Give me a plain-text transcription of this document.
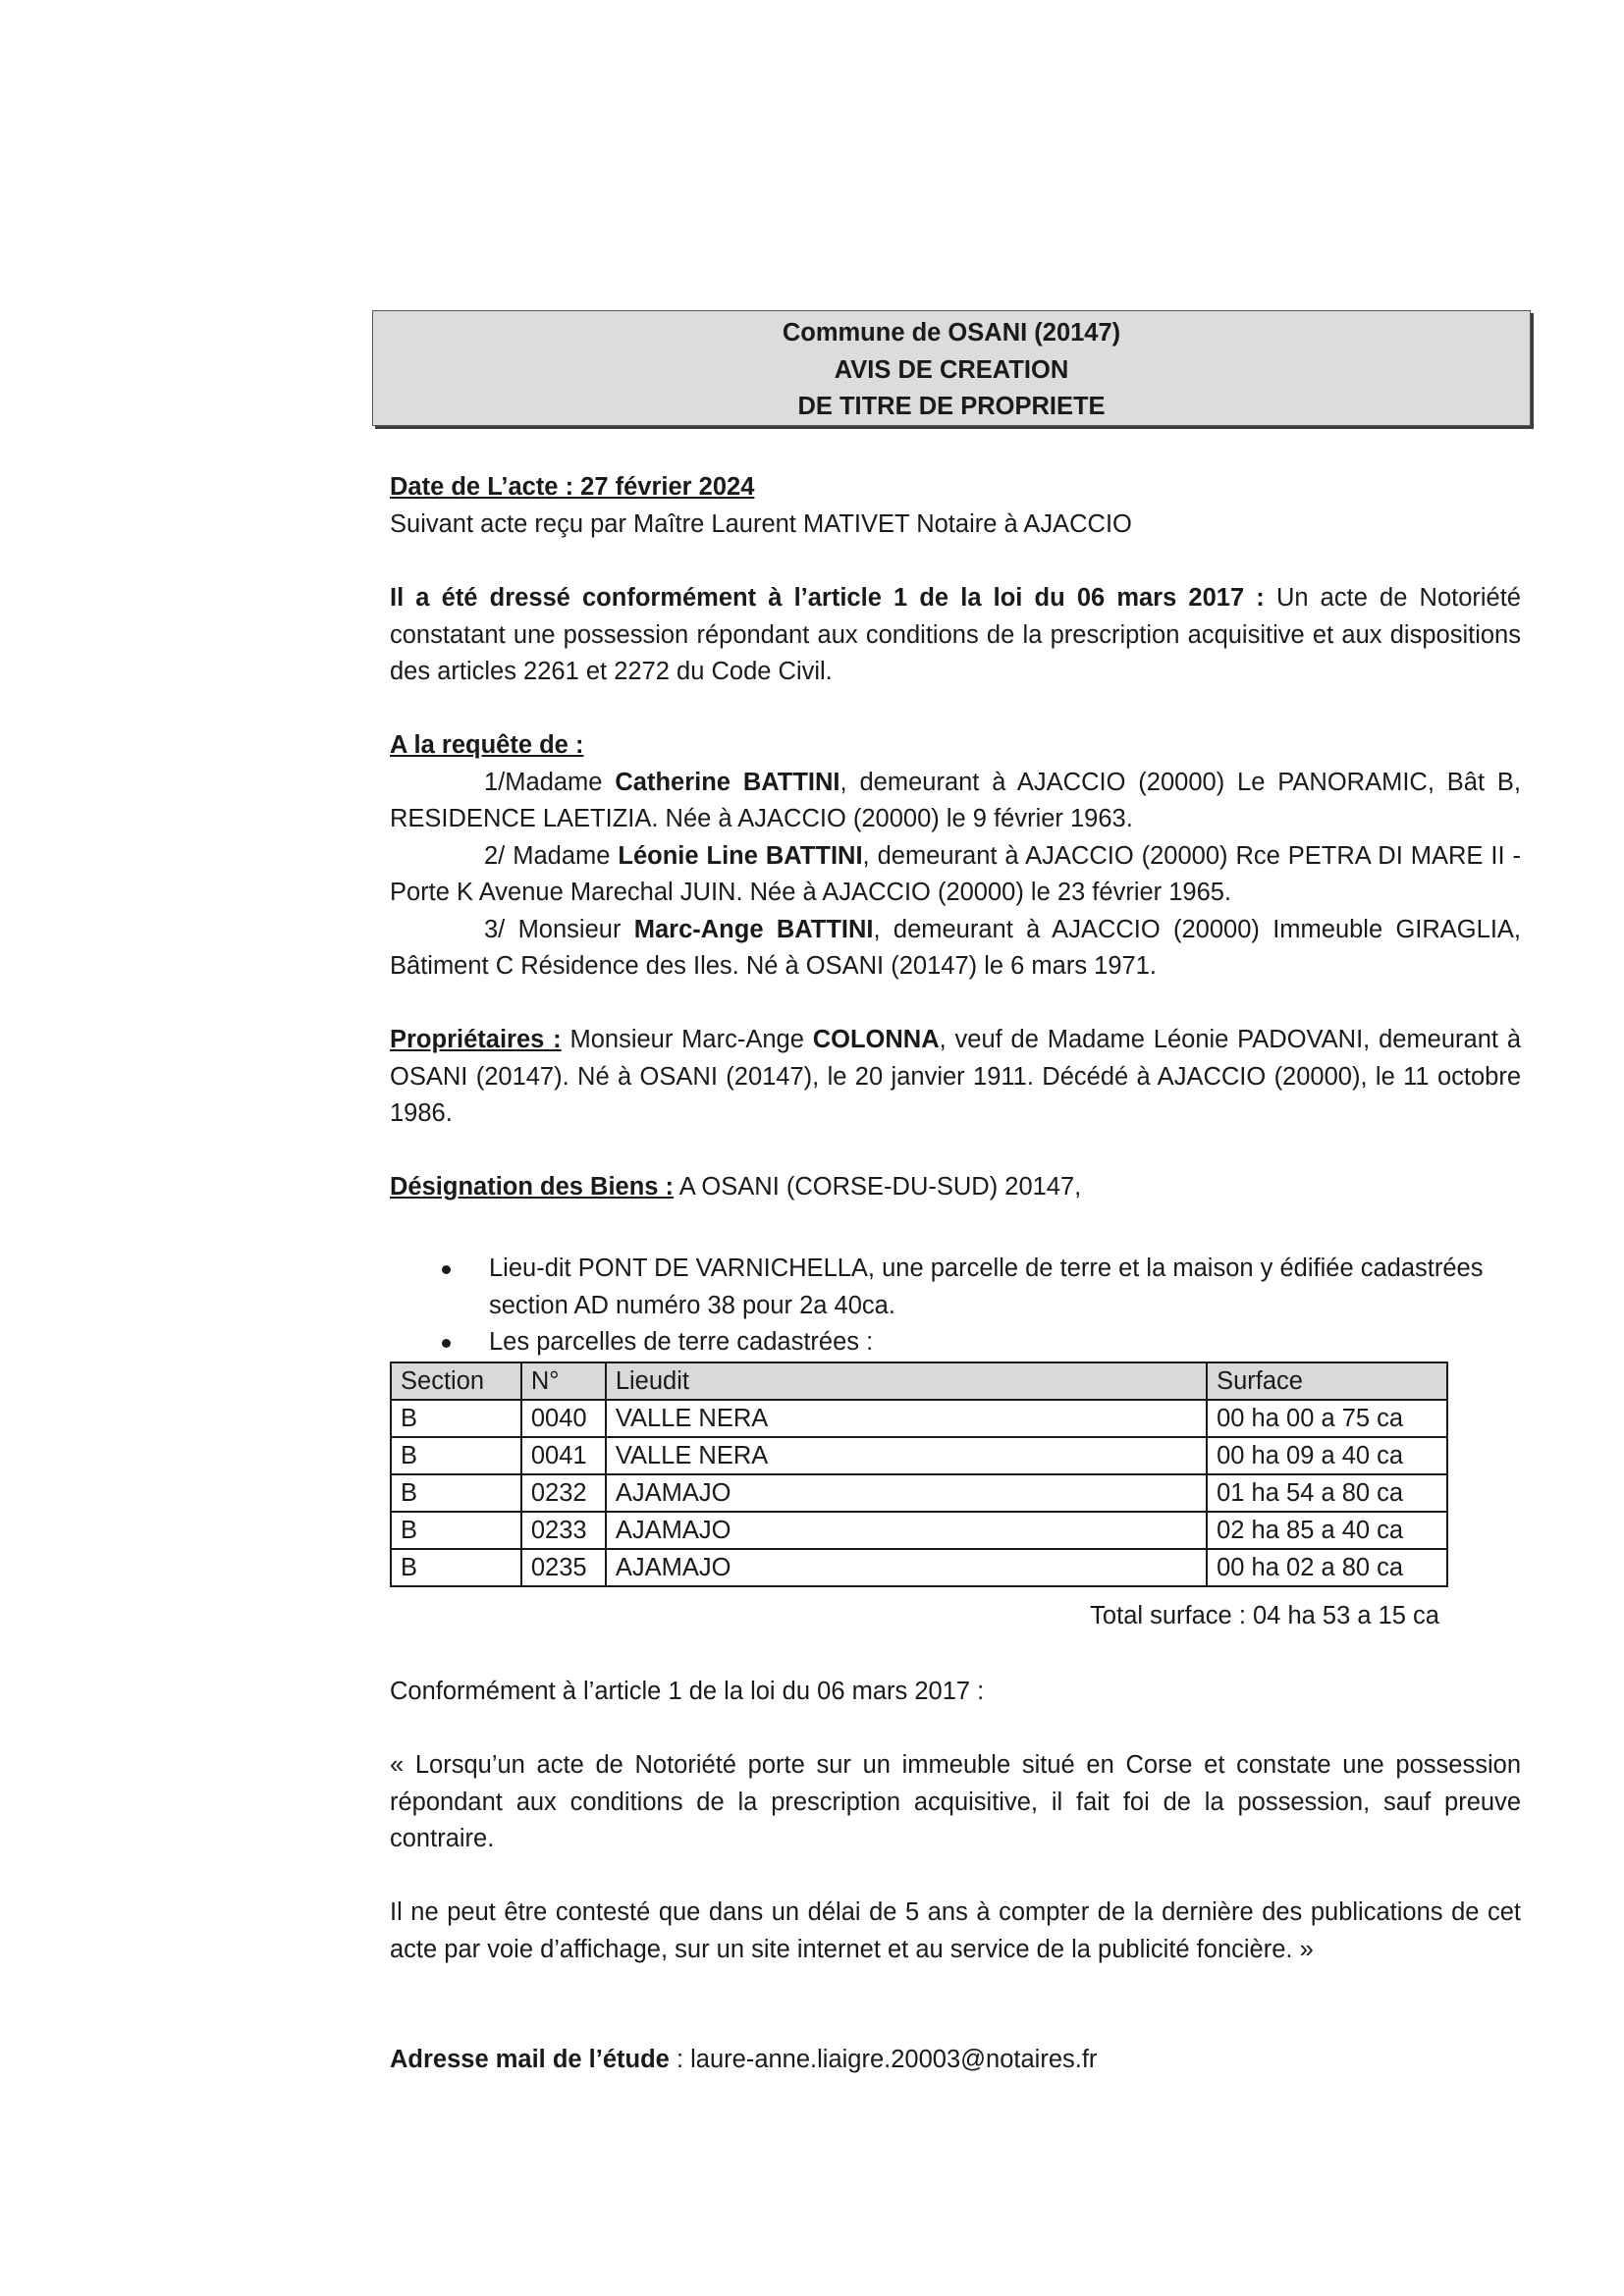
Commune de OSANI (20147)
AVIS DE CREATION
DE TITRE DE PROPRIETE

Date de L’acte : 27 février 2024

Suivant acte reçu par Maître Laurent MATIVET Notaire à AJACCIO

Il a été dressé conformément à l’article 1 de la loi du 06 mars 2017 : Un acte de Notoriété constatant une possession répondant aux conditions de la prescription acquisitive et aux dispositions des articles 2261 et 2272 du Code Civil.

A la requête de :

1/Madame Catherine BATTINI, demeurant à AJACCIO (20000) Le PANORAMIC, Bât B, RESIDENCE LAETIZIA. Née à AJACCIO (20000) le 9 février 1963.

2/ Madame Léonie Line BATTINI, demeurant à AJACCIO (20000) Rce PETRA DI MARE II - Porte K Avenue Marechal JUIN. Née à AJACCIO (20000) le 23 février 1965.

3/ Monsieur Marc-Ange BATTINI, demeurant à AJACCIO (20000) Immeuble GIRAGLIA, Bâtiment C Résidence des Iles. Né à OSANI (20147) le 6 mars 1971.

Propriétaires : Monsieur Marc-Ange COLONNA, veuf de Madame Léonie PADOVANI, demeurant à OSANI (20147). Né à OSANI (20147), le 20 janvier 1911. Décédé à AJACCIO (20000), le 11 octobre 1986.

Désignation des Biens : A OSANI (CORSE-DU-SUD) 20147,

Lieu-dit PONT DE VARNICHELLA, une parcelle de terre et la maison y édifiée cadastrées section AD numéro 38 pour 2a 40ca.
Les parcelles de terre cadastrées :
Section	N°	Lieudit	Surface
B	0040	VALLE NERA	00 ha 00 a 75 ca
B	0041	VALLE NERA	00 ha 09 a 40 ca
B	0232	AJAMAJO	01 ha 54 a 80 ca
B	0233	AJAMAJO	02 ha 85 a 40 ca
B	0235	AJAMAJO	00 ha 02 a 80 ca
Total surface : 04 ha 53 a 15 ca

Conformément à l’article 1 de la loi du 06 mars 2017 :

« Lorsqu’un acte de Notoriété porte sur un immeuble situé en Corse et constate une possession répondant aux conditions de la prescription acquisitive, il fait foi de la possession, sauf preuve contraire.

Il ne peut être contesté que dans un délai de 5 ans à compter de la dernière des publications de cet acte par voie d’affichage, sur un site internet et au service de la publicité foncière. »

Adresse mail de l’étude : laure-anne.liaigre.20003@notaires.fr
